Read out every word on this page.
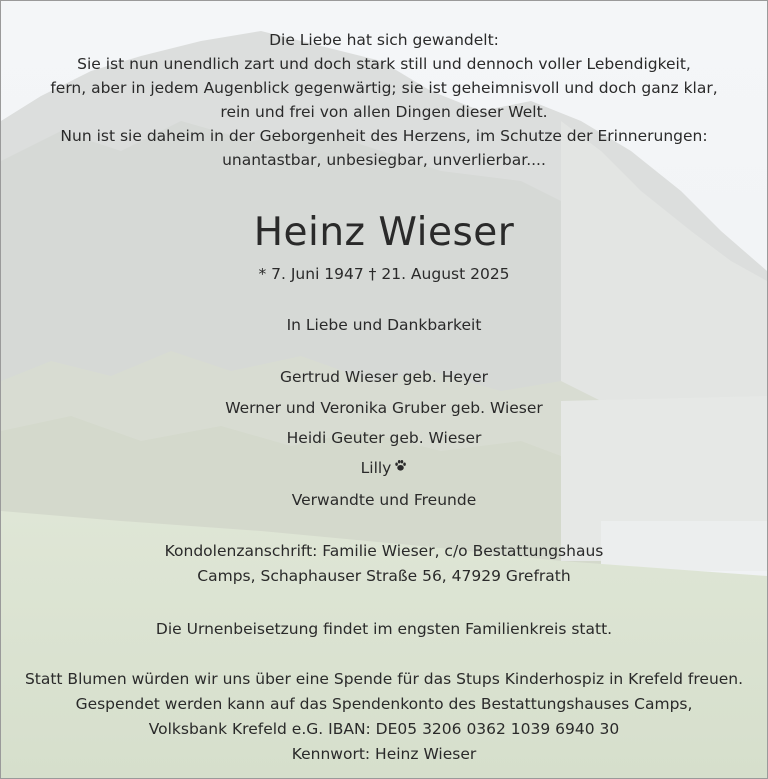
Die Liebe hat sich gewandelt:
Sie ist nun unendlich zart und doch stark still und dennoch voller Lebendigkeit,
fern, aber in jedem Augenblick gegenwärtig; sie ist geheimnisvoll und doch ganz klar,
rein und frei von allen Dingen dieser Welt.
Nun ist sie daheim in der Geborgenheit des Herzens, im Schutze der Erinnerungen:
unantastbar, unbesiegbar, unverlierbar....
Heinz Wieser
* 7. Juni 1947 † 21. August 2025
In Liebe und Dankbarkeit
Gertrud Wieser geb. Heyer
Werner und Veronika Gruber geb. Wieser
Heidi Geuter geb. Wieser
Lilly
Verwandte und Freunde
Kondolenzanschrift: Familie Wieser, c/o Bestattungshaus
Camps, Schaphauser Straße 56, 47929 Grefrath
Die Urnenbeisetzung findet im engsten Familienkreis statt.
Statt Blumen würden wir uns über eine Spende für das Stups Kinderhospiz in Krefeld freuen.
Gespendet werden kann auf das Spendenkonto des Bestattungshauses Camps,
Volksbank Krefeld e.G. IBAN: DE05 3206 0362 1039 6940 30
Kennwort: Heinz Wieser
